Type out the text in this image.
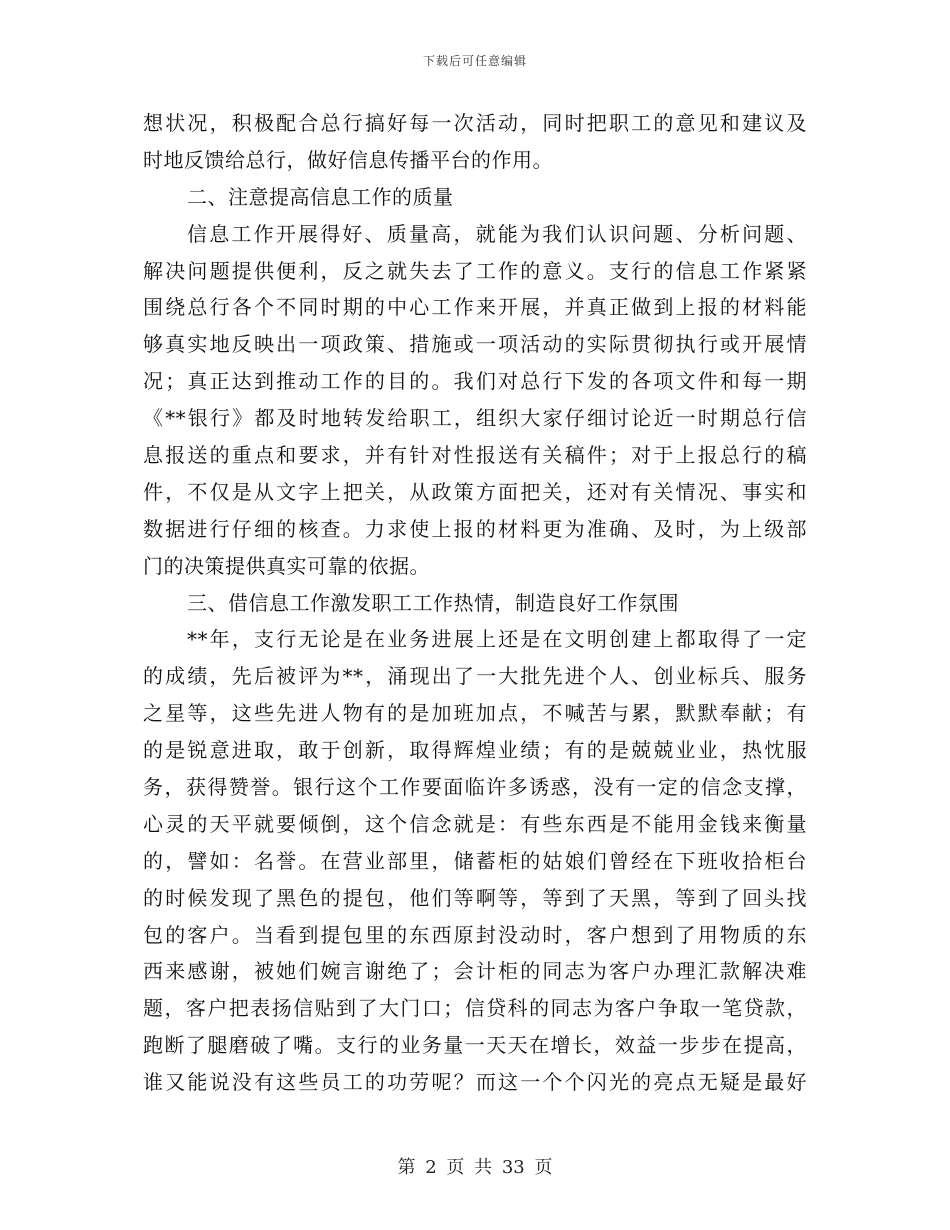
下载后可任意编辑
想状况，积极配合总行搞好每一次活动，同时把职工的意见和建议及
时地反馈给总行，做好信息传播平台的作用。
二、注意提高信息工作的质量
信息工作开展得好、质量高，就能为我们认识问题、分析问题、
解决问题提供便利，反之就失去了工作的意义。支行的信息工作紧紧
围绕总行各个不同时期的中心工作来开展，并真正做到上报的材料能
够真实地反映出一项政策、措施或一项活动的实际贯彻执行或开展情
况；真正达到推动工作的目的。我们对总行下发的各项文件和每一期
《**银行》都及时地转发给职工，组织大家仔细讨论近一时期总行信
息报送的重点和要求，并有针对性报送有关稿件；对于上报总行的稿
件，不仅是从文字上把关，从政策方面把关，还对有关情况、事实和
数据进行仔细的核查。力求使上报的材料更为准确、及时，为上级部
门的决策提供真实可靠的依据。
三、借信息工作激发职工工作热情，制造良好工作氛围
**年，支行无论是在业务进展上还是在文明创建上都取得了一定
的成绩，先后被评为**，涌现出了一大批先进个人、创业标兵、服务
之星等，这些先进人物有的是加班加点，不喊苦与累，默默奉献；有
的是锐意进取，敢于创新，取得辉煌业绩；有的是兢兢业业，热忱服
务，获得赞誉。银行这个工作要面临许多诱惑，没有一定的信念支撑，
心灵的天平就要倾倒，这个信念就是：有些东西是不能用金钱来衡量
的，譬如：名誉。在营业部里，储蓄柜的姑娘们曾经在下班收拾柜台
的时候发现了黑色的提包，他们等啊等，等到了天黑，等到了回头找
包的客户。当看到提包里的东西原封没动时，客户想到了用物质的东
西来感谢，被她们婉言谢绝了；会计柜的同志为客户办理汇款解决难
题，客户把表扬信贴到了大门口；信贷科的同志为客户争取一笔贷款，
跑断了腿磨破了嘴。支行的业务量一天天在增长，效益一步步在提高，
谁又能说没有这些员工的功劳呢？而这一个个闪光的亮点无疑是最好
第 2 页 共 33 页
